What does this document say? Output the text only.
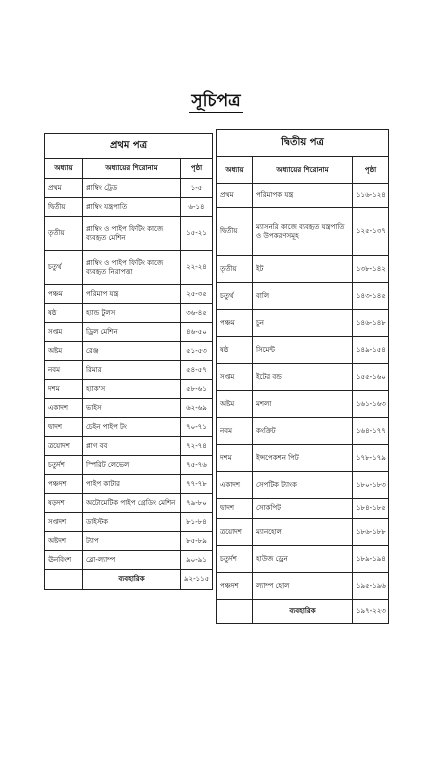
সূচিপত্র
প্রথম পত্র		
অধ্যায়	অধ্যায়ের শিরোনাম	পৃষ্ঠা
প্রথম	প্লাম্বিং ট্রেড	১-৫
দ্বিতীয়	প্লাম্বিং যন্ত্রপাতি	৬-১৪
তৃতীয়	প্লাম্বিং ও পাইপ ফিটিং কাজে ব্যবহৃত মেশিন	১৫-২১
চতুর্থ	প্লাম্বিং ও পাইপ ফিটিং কাজে ব্যবহৃত নিরাপত্তা	২২-২৪
পঞ্চম	পরিমাপ যন্ত্র	২৫-৩৫
ষষ্ঠ	হ্যান্ড টুলস	৩৬-৪৫
সপ্তম	ড্রিল মেশিন	৪৬-৫০
অষ্টম	রেঞ্জ	৫১-৫৩
নবম	রিমার	৫৪-৫৭
দশম	হ্যাক'স	৫৮-৬১
একাদশ	ভাইস	৬২-৬৯
দ্বাদশ	চেইন পাইপ টং	৭০-৭১
ত্রয়োদশ	প্লাগ বব	৭২-৭৪
চতুর্দশ	স্পিরিট লেভেল	৭৫-৭৬
পঞ্চদশ	পাইপ কাটার	৭৭-৭৮
ষড়দশ	অটোমেটিক পাইপ গ্রেডিং মেশিন	৭৯-৮০
সপ্তদশ	ডাইস্টক	৮১-৮৪
অষ্টদশ	ট্যাপ	৮৫-৮৯
ঊনবিংশ	ব্লো-ল্যাম্প	৯০-৯১
	ব্যবহারিক	৯২-১১৫
দ্বিতীয় পত্র		
অধ্যায়	অধ্যায়ের শিরোনাম	পৃষ্ঠা
প্রথম	পরিমাপক যন্ত্র	১১৬-১২৪
দ্বিতীয়	ম্যাসনরি কাজে ব্যবহৃত যন্ত্রপাতি ও উপকরণসমূহ	১২৫-১৩৭
তৃতীয়	ইট	১৩৮-১৪২
চতুর্থ	বালি	১৪৩-১৪৫
পঞ্চম	চুন	১৪৬-১৪৮
ষষ্ঠ	সিমেন্ট	১৪৯-১৫৪
সপ্তম	ইটের বন্ড	১৫৫-১৬০
অষ্টম	মশলা	১৬১-১৬৩
নবম	কংক্রিট	১৬৪-১৭৭
দশম	ইন্সপেকশন পিট	১৭৮-১৭৯
একাদশ	সেপটিক ট্যাংক	১৮০-১৮৩
দ্বাদশ	সোকপিট	১৮৪-১৮৫
ত্রয়োদশ	ম্যানহোল	১৮৬-১৮৮
চতুর্দশ	হাউজ ড্রেন	১৮৯-১৯৪
পঞ্চদশ	ল্যাম্প হোল	১৯৫-১৯৬
	ব্যবহারিক	১৯৭-২২৩
